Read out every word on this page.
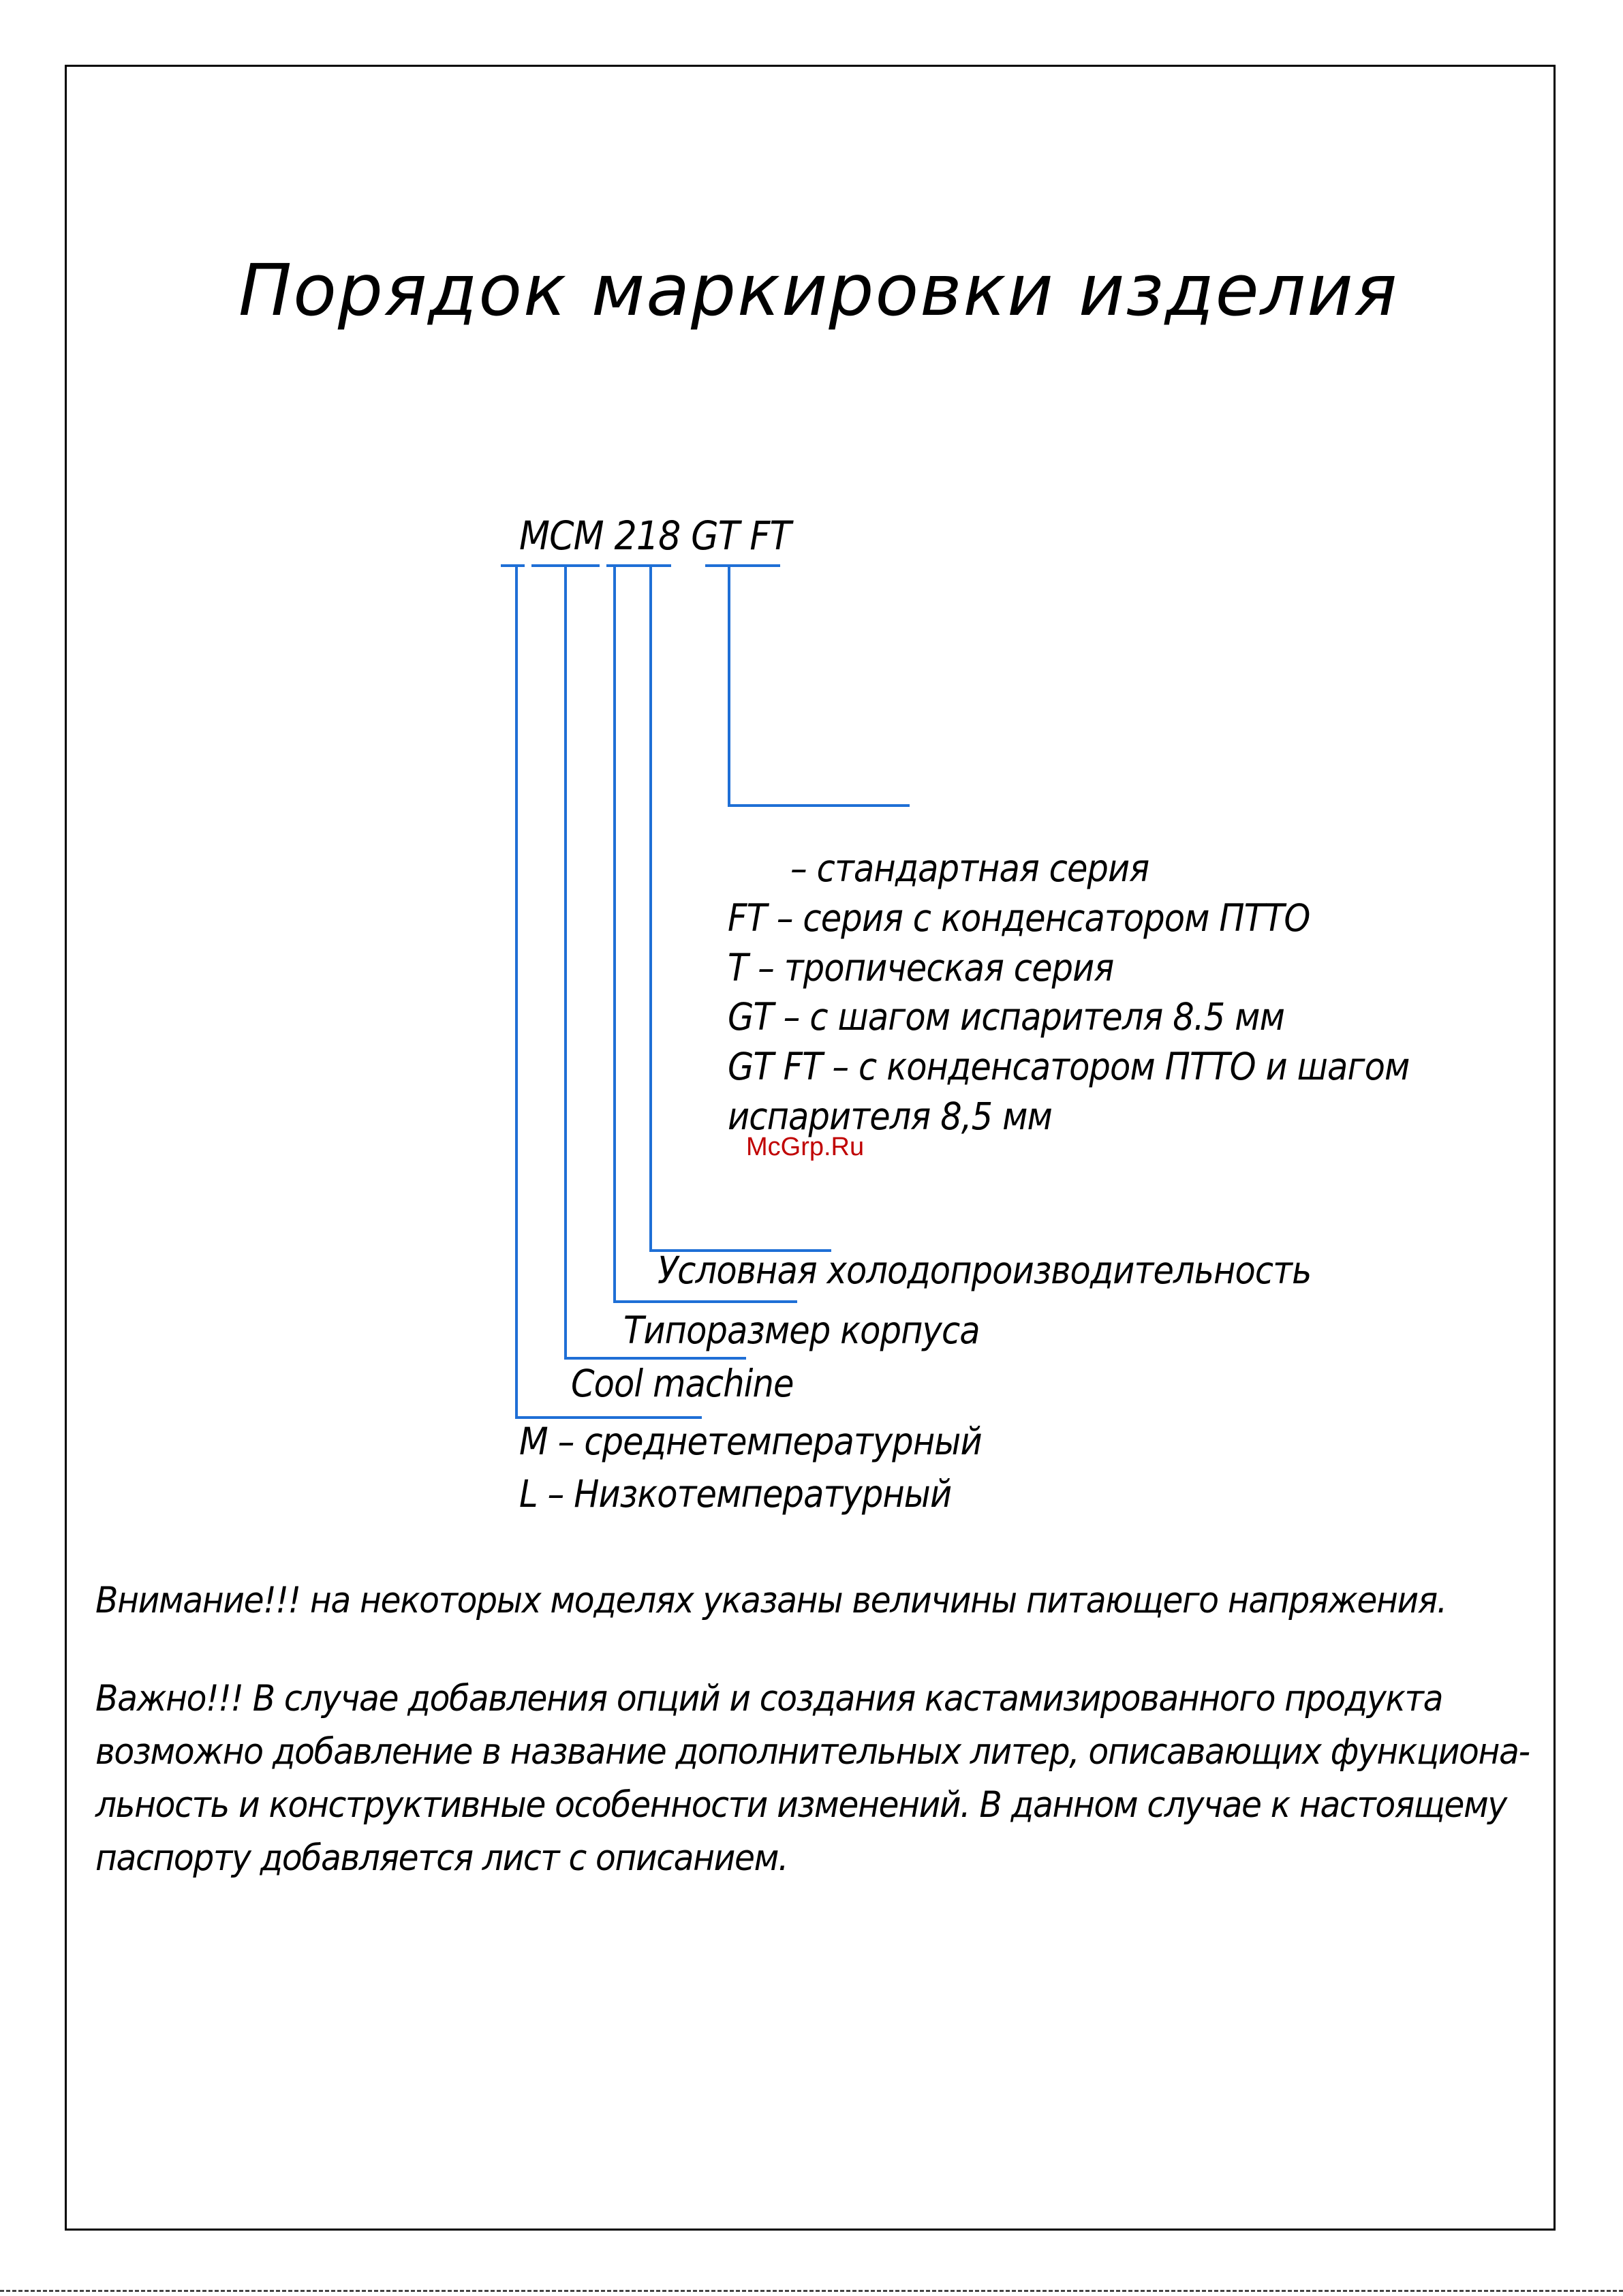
Порядок маркировки изделия
MCM 218 GT FT
– стандартная серия
FT – серия с конденсатором ПТТО
T – тропическая серия
GT – с шагом испарителя 8.5 мм
GT FT – с конденсатором ПТТО и шагом
испарителя 8,5 мм
McGrp.Ru
Условная холодопроизводительность
Типоразмер корпуса
Cool machine
M – среднетемпературный
L – Низкотемпературный
Внимание!!! на некоторых моделях указаны величины питающего напряжения.
Важно!!! В случае добавления опций и создания кастамизированного продукта
возможно добавление в название дополнительных литер, описавающих функциона-
льность и конструктивные особенности изменений. В данном случае к настоящему
паспорту добавляется лист с описанием.
